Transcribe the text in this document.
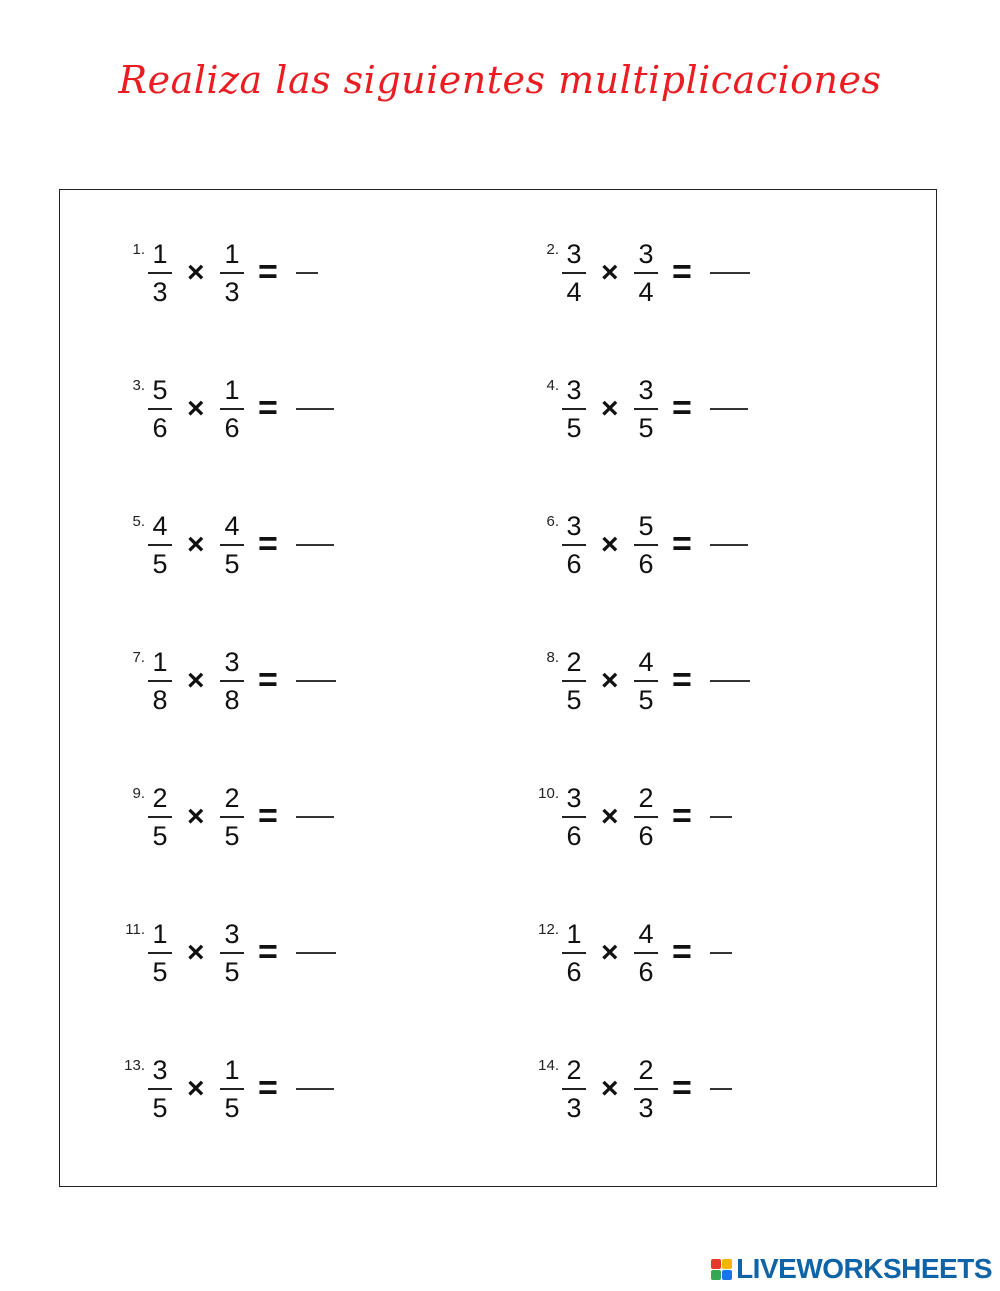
Realiza las siguientes multiplicaciones
1. 1
3
×
1
3
=
2. 3
4
×
3
4
=
3. 5
6
×
1
6
=
4. 3
5
×
3
5
=
5. 4
5
×
4
5
=
6. 3
6
×
5
6
=
7. 1
8
×
3
8
=
8. 2
5
×
4
5
=
9. 2
5
×
2
5
=
10. 3
6
×
2
6
=
11. 1
5
×
3
5
=
12. 1
6
×
4
6
=
13. 3
5
×
1
5
=
14. 2
3
×
2
3
=
LIVEWORKSHEETS
